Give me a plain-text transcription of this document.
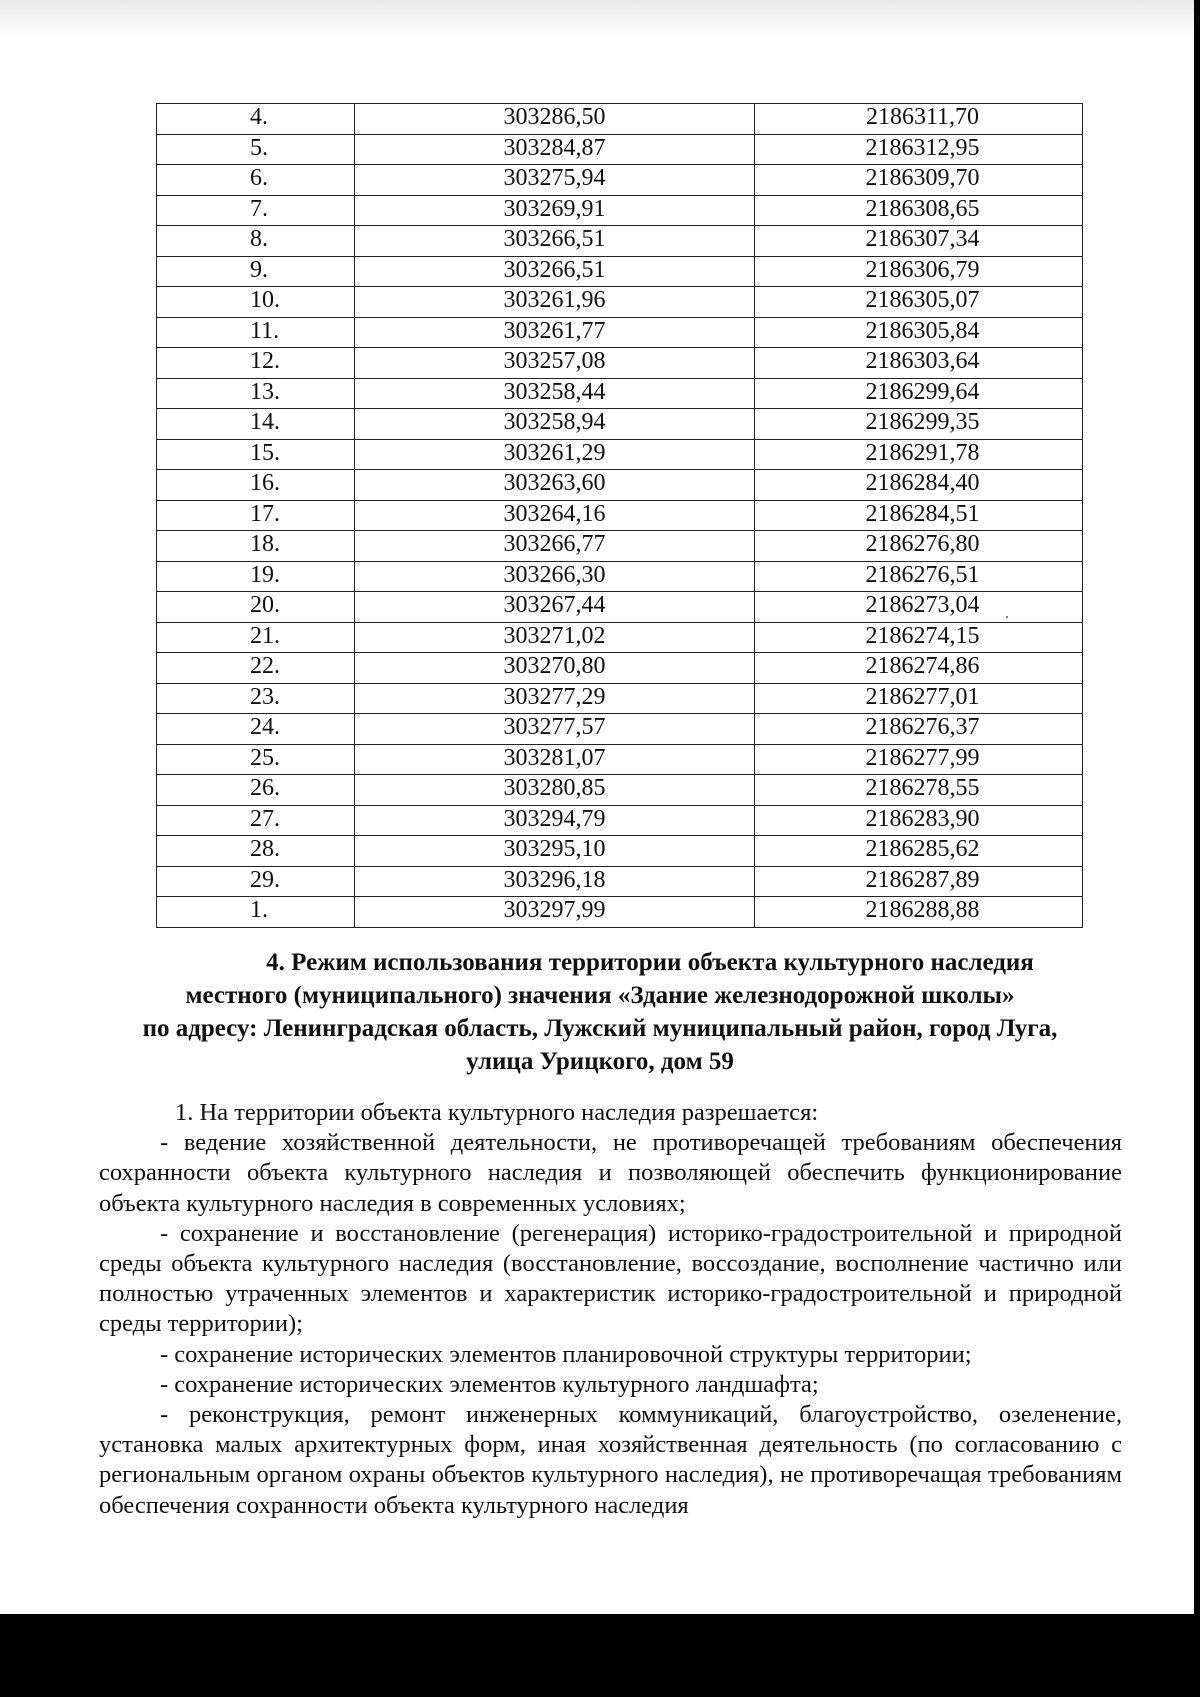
4.	303286,50	2186311,70
5.	303284,87	2186312,95
6.	303275,94	2186309,70
7.	303269,91	2186308,65
8.	303266,51	2186307,34
9.	303266,51	2186306,79
10.	303261,96	2186305,07
11.	303261,77	2186305,84
12.	303257,08	2186303,64
13.	303258,44	2186299,64
14.	303258,94	2186299,35
15.	303261,29	2186291,78
16.	303263,60	2186284,40
17.	303264,16	2186284,51
18.	303266,77	2186276,80
19.	303266,30	2186276,51
20.	303267,44	2186273,04
21.	303271,02	2186274,15
22.	303270,80	2186274,86
23.	303277,29	2186277,01
24.	303277,57	2186276,37
25.	303281,07	2186277,99
26.	303280,85	2186278,55
27.	303294,79	2186283,90
28.	303295,10	2186285,62
29.	303296,18	2186287,89
1.	303297,99	2186288,88
4. Режим использования территории объекта культурного наследия
местного (муниципального) значения «Здание железнодорожной школы»
по адресу: Ленинградская область, Лужский муниципальный район, город Луга,
улица Урицкого, дом 59

1. На территории объекта культурного наследия разрешается:

- ведение хозяйственной деятельности, не противоречащей требованиям обеспечения сохранности объекта культурного наследия и позволяющей обеспечить функционирование объекта культурного наследия в современных условиях;

- сохранение и восстановление (регенерация) историко-градостроительной и природной среды объекта культурного наследия (восстановление, воссоздание, восполнение частично или полностью утраченных элементов и характеристик историко-градостроительной и природной среды территории);

- сохранение исторических элементов планировочной структуры территории;

- сохранение исторических элементов культурного ландшафта;

- реконструкция, ремонт инженерных коммуникаций, благоустройство, озеленение, установка малых архитектурных форм, иная хозяйственная деятельность (по согласованию с региональным органом охраны объектов культурного наследия), не противоречащая требованиям обеспечения сохранности объекта культурного наследия
